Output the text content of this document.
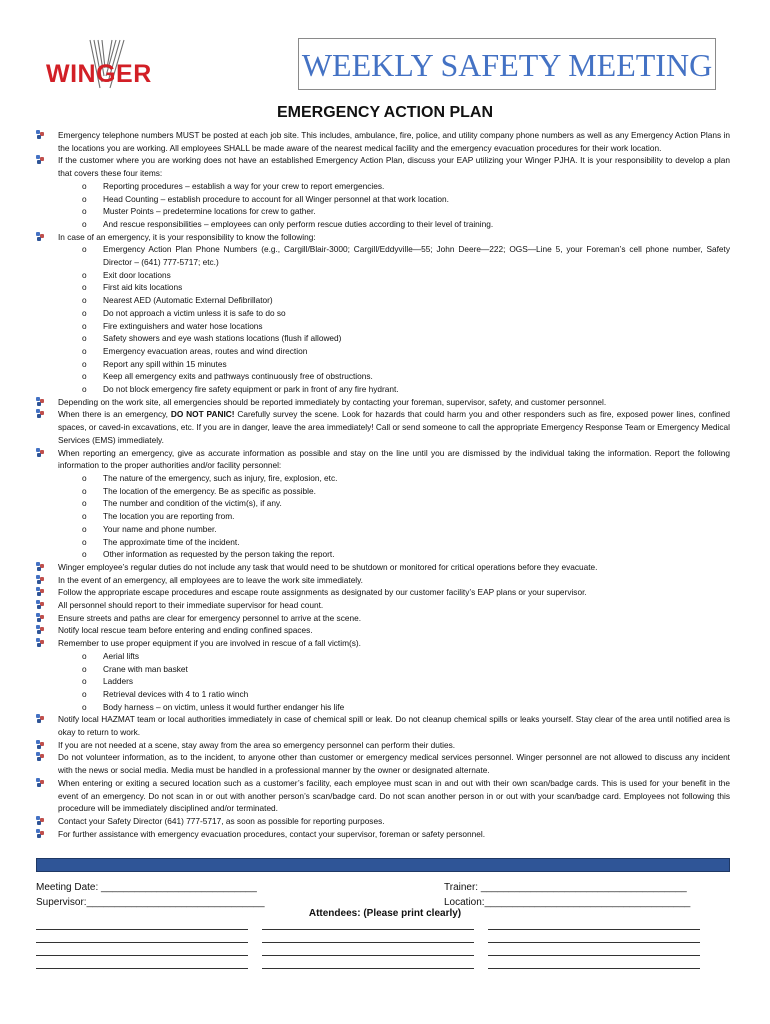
WINGER	WEEKLY SAFETY MEETING
EMERGENCY ACTION PLAN
Emergency telephone numbers MUST be posted at each job site. This includes, ambulance, fire, police, and utility company phone numbers as well as any Emergency Action Plans in the locations you are working. All employees SHALL be made aware of the nearest medical facility and the emergency evacuation procedures for their work location.
If the customer where you are working does not have an established Emergency Action Plan, discuss your EAP utilizing your Winger PJHA. It is your responsibility to develop a plan that covers these four items:
o Reporting procedures – establish a way for your crew to report emergencies.
o Head Counting – establish procedure to account for all Winger personnel at that work location.
o Muster Points – predetermine locations for crew to gather.
o And rescue responsibilities – employees can only perform rescue duties according to their level of training.
In case of an emergency, it is your responsibility to know the following:
o Emergency Action Plan Phone Numbers (e.g., Cargill/Blair-3000; Cargill/Eddyville—55; John Deere—222; OGS—Line 5, your Foreman’s cell phone number, Safety Director – (641) 777-5717; etc.)
o Exit door locations
o First aid kits locations
o Nearest AED (Automatic External Defibrillator)
o Do not approach a victim unless it is safe to do so
o Fire extinguishers and water hose locations
o Safety showers and eye wash stations locations (flush if allowed)
o Emergency evacuation areas, routes and wind direction
o Report any spill within 15 minutes
o Keep all emergency exits and pathways continuously free of obstructions.
o Do not block emergency fire safety equipment or park in front of any fire hydrant.
Depending on the work site, all emergencies should be reported immediately by contacting your foreman, supervisor, safety, and customer personnel.
When there is an emergency, DO NOT PANIC! Carefully survey the scene. Look for hazards that could harm you and other responders such as fire, exposed power lines, confined spaces, or caved-in excavations, etc. If you are in danger, leave the area immediately! Call or send someone to call the appropriate Emergency Response Team or Emergency Medical Services (EMS) immediately.
When reporting an emergency, give as accurate information as possible and stay on the line until you are dismissed by the individual taking the information. Report the following information to the proper authorities and/or facility personnel:
o The nature of the emergency, such as injury, fire, explosion, etc.
o The location of the emergency. Be as specific as possible.
o The number and condition of the victim(s), if any.
o The location you are reporting from.
o Your name and phone number.
o The approximate time of the incident.
o Other information as requested by the person taking the report.
Winger employee’s regular duties do not include any task that would need to be shutdown or monitored for critical operations before they evacuate.
In the event of an emergency, all employees are to leave the work site immediately.
Follow the appropriate escape procedures and escape route assignments as designated by our customer facility’s EAP plans or your supervisor.
All personnel should report to their immediate supervisor for head count.
Ensure streets and paths are clear for emergency personnel to arrive at the scene.
Notify local rescue team before entering and ending confined spaces.
Remember to use proper equipment if you are involved in rescue of a fall victim(s).
o Aerial lifts
o Crane with man basket
o Ladders
o Retrieval devices with 4 to 1 ratio winch
o Body harness – on victim, unless it would further endanger his life
Notify local HAZMAT team or local authorities immediately in case of chemical spill or leak. Do not cleanup chemical spills or leaks yourself. Stay clear of the area until notified area is okay to return to work.
If you are not needed at a scene, stay away from the area so emergency personnel can perform their duties.
Do not volunteer information, as to the incident, to anyone other than customer or emergency medical services personnel. Winger personnel are not allowed to discuss any incident with the news or social media. Media must be handled in a professional manner by the owner or designated alternate.
When entering or exiting a secured location such as a customer’s facility, each employee must scan in and out with their own scan/badge cards. This is used for your benefit in the event of an emergency. Do not scan in or out with another person’s scan/badge card. Do not scan another person in or out with your scan/badge card. Employees not following this procedure will be immediately disciplined and/or terminated.
Contact your Safety Director (641) 777-5717, as soon as possible for reporting purposes.
For further assistance with emergency evacuation procedures, contact your supervisor, foreman or safety personnel.
Meeting Date: ____________________________
Supervisor:________________________________
Trainer: _____________________________________
Location:_____________________________________
Attendees: (Please print clearly)
